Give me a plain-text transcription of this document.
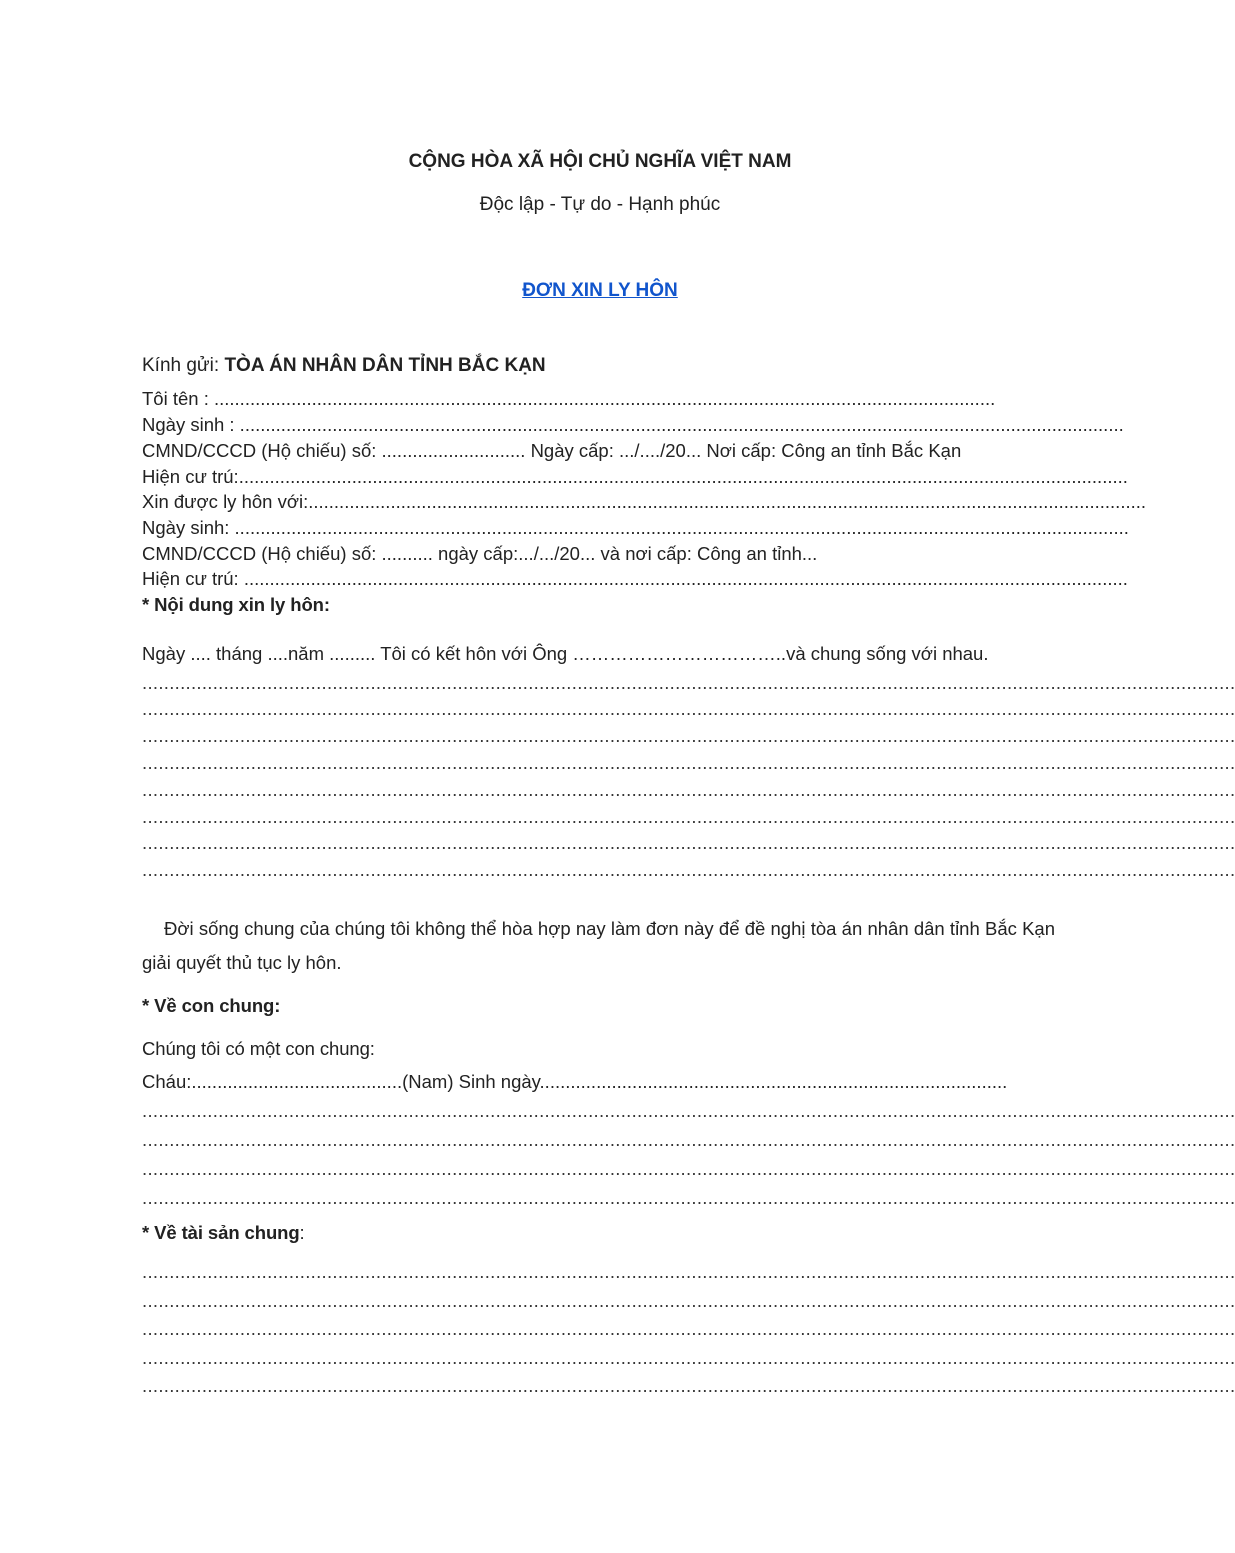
CỘNG HÒA XÃ HỘI CHỦ NGHĨA VIỆT NAM
Độc lập - Tự do - Hạnh phúc
ĐƠN XIN LY HÔN
Kính gửi: TÒA ÁN NHÂN DÂN TỈNH BẮC KẠN
Tôi tên : ........................................................................................................................................................
Ngày sinh : ............................................................................................................................................................................
CMND/CCCD (Hộ chiếu) số: ............................ Ngày cấp: .../..../20... Nơi cấp: Công an tỉnh Bắc Kạn
Hiện cư trú:.............................................................................................................................................................................
Xin được ly hôn với:...................................................................................................................................................................
Ngày sinh: ..............................................................................................................................................................................
CMND/CCCD (Hộ chiếu) số: .......... ngày cấp:.../.../20... và nơi cấp: Công an tỉnh...
Hiện cư trú: ............................................................................................................................................................................
* Nội dung xin ly hôn:
Ngày .... tháng ....năm ......... Tôi có kết hôn với Ông ……………………………..và chung sống với nhau.
.........................................................................................................................................................................................................
.........................................................................................................................................................................................................
.........................................................................................................................................................................................................
.........................................................................................................................................................................................................
.........................................................................................................................................................................................................
.........................................................................................................................................................................................................
.........................................................................................................................................................................................................
.........................................................................................................................................................................................................
Đời sống chung của chúng tôi không thể hòa hợp nay làm đơn này để đề nghị tòa án nhân dân tỉnh Bắc Kạn giải quyết thủ tục ly hôn.
* Về con chung:
Chúng tôi có một con chung:
Cháu:.........................................(Nam) Sinh ngày...........................................................................................
.........................................................................................................................................................................................................
.........................................................................................................................................................................................................
.........................................................................................................................................................................................................
.........................................................................................................................................................................................................
* Về tài sản chung:
.........................................................................................................................................................................................................
.........................................................................................................................................................................................................
.........................................................................................................................................................................................................
.........................................................................................................................................................................................................
.........................................................................................................................................................................................................
